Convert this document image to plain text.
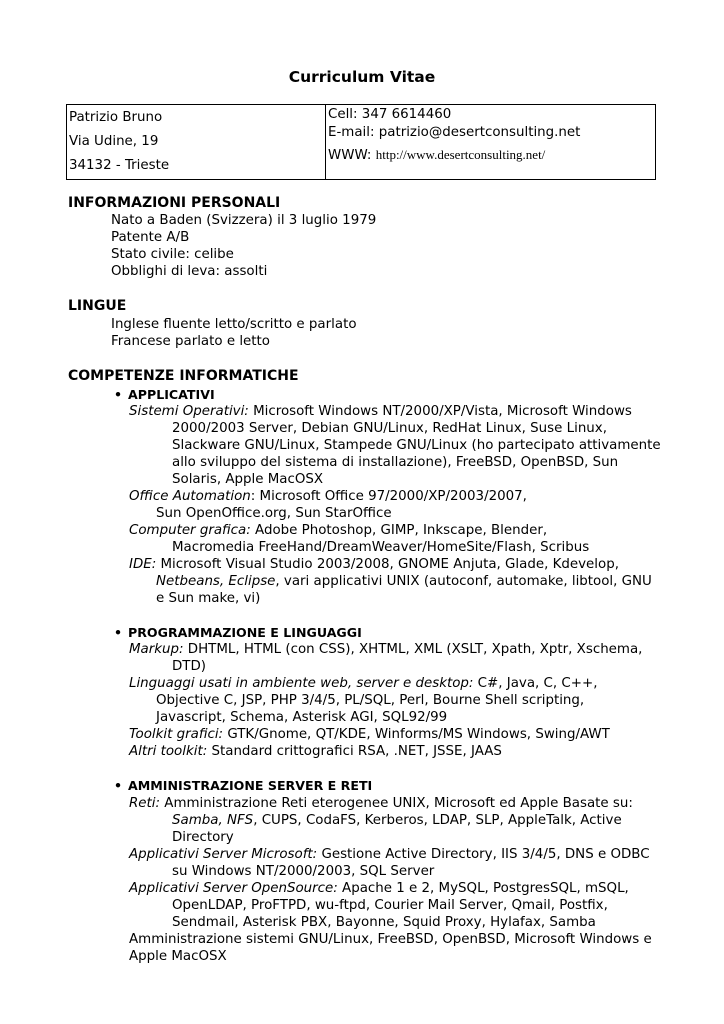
Curriculum Vitae
Patrizio Bruno
Via Udine, 19
34132 - Trieste
Cell: 347 6614460
E-mail: patrizio@desertconsulting.net
WWW: http://www.desertconsulting.net/
INFORMAZIONI PERSONALI
Nato a Baden (Svizzera) il 3 luglio 1979
Patente A/B
Stato civile: celibe
Obblighi di leva: assolti
LINGUE
Inglese fluente letto/scritto e parlato
Francese parlato e letto
COMPETENZE INFORMATICHE
• APPLICATIVI
Sistemi Operativi: Microsoft Windows NT/2000/XP/Vista, Microsoft Windows
2000/2003 Server, Debian GNU/Linux, RedHat Linux, Suse Linux,
Slackware GNU/Linux, Stampede GNU/Linux (ho partecipato attivamente
allo sviluppo del sistema di installazione), FreeBSD, OpenBSD, Sun
Solaris, Apple MacOSX
Office Automation: Microsoft Office 97/2000/XP/2003/2007,
Sun OpenOffice.org, Sun StarOffice
Computer grafica: Adobe Photoshop, GIMP, Inkscape, Blender,
Macromedia FreeHand/DreamWeaver/HomeSite/Flash, Scribus
IDE: Microsoft Visual Studio 2003/2008, GNOME Anjuta, Glade, Kdevelop,
Netbeans, Eclipse, vari applicativi UNIX (autoconf, automake, libtool, GNU
e Sun make, vi)
• PROGRAMMAZIONE E LINGUAGGI
Markup: DHTML, HTML (con CSS), XHTML, XML (XSLT, Xpath, Xptr, Xschema,
DTD)
Linguaggi usati in ambiente web, server e desktop: C#, Java, C, C++,
Objective C, JSP, PHP 3/4/5, PL/SQL, Perl, Bourne Shell scripting,
Javascript, Schema, Asterisk AGI, SQL92/99
Toolkit grafici: GTK/Gnome, QT/KDE, Winforms/MS Windows, Swing/AWT
Altri toolkit: Standard crittografici RSA, .NET, JSSE, JAAS
• AMMINISTRAZIONE SERVER E RETI
Reti: Amministrazione Reti eterogenee UNIX, Microsoft ed Apple Basate su:
Samba, NFS, CUPS, CodaFS, Kerberos, LDAP, SLP, AppleTalk, Active
Directory
Applicativi Server Microsoft: Gestione Active Directory, IIS 3/4/5, DNS e ODBC
su Windows NT/2000/2003, SQL Server
Applicativi Server OpenSource: Apache 1 e 2, MySQL, PostgresSQL, mSQL,
OpenLDAP, ProFTPD, wu-ftpd, Courier Mail Server, Qmail, Postfix,
Sendmail, Asterisk PBX, Bayonne, Squid Proxy, Hylafax, Samba
Amministrazione sistemi GNU/Linux, FreeBSD, OpenBSD, Microsoft Windows e
Apple MacOSX
